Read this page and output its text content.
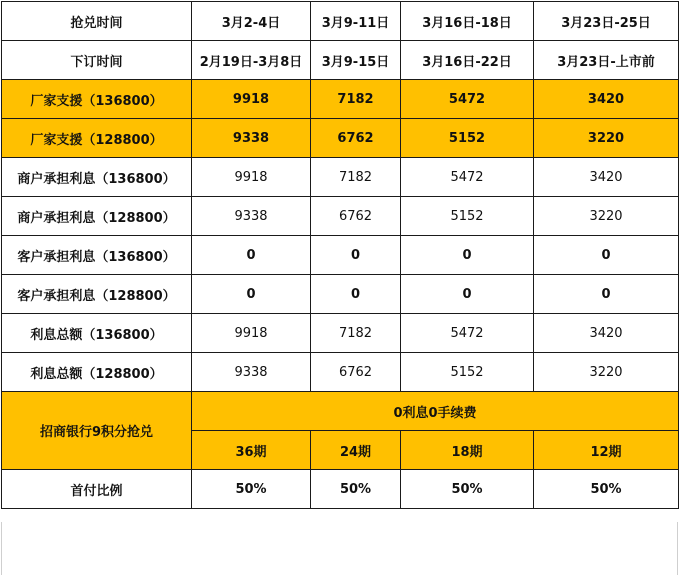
抢兑时间	3月2-4日	3月9-11日	3月16日-18日	3月23日-25日
下订时间	2月19日-3月8日	3月9-15日	3月16日-22日	3月23日-上市前
厂家支援（136800）	9918	7182	5472	3420
厂家支援（128800）	9338	6762	5152	3220
商户承担利息（136800）	9918	7182	5472	3420
商户承担利息（128800）	9338	6762	5152	3220
客户承担利息（136800）	0	0	0	0
客户承担利息（128800）	0	0	0	0
利息总额（136800）	9918	7182	5472	3420
利息总额（128800）	9338	6762	5152	3220
招商银行9积分抢兑	0利息0手续费			
	36期	24期	18期	12期
首付比例	50%	50%	50%	50%
